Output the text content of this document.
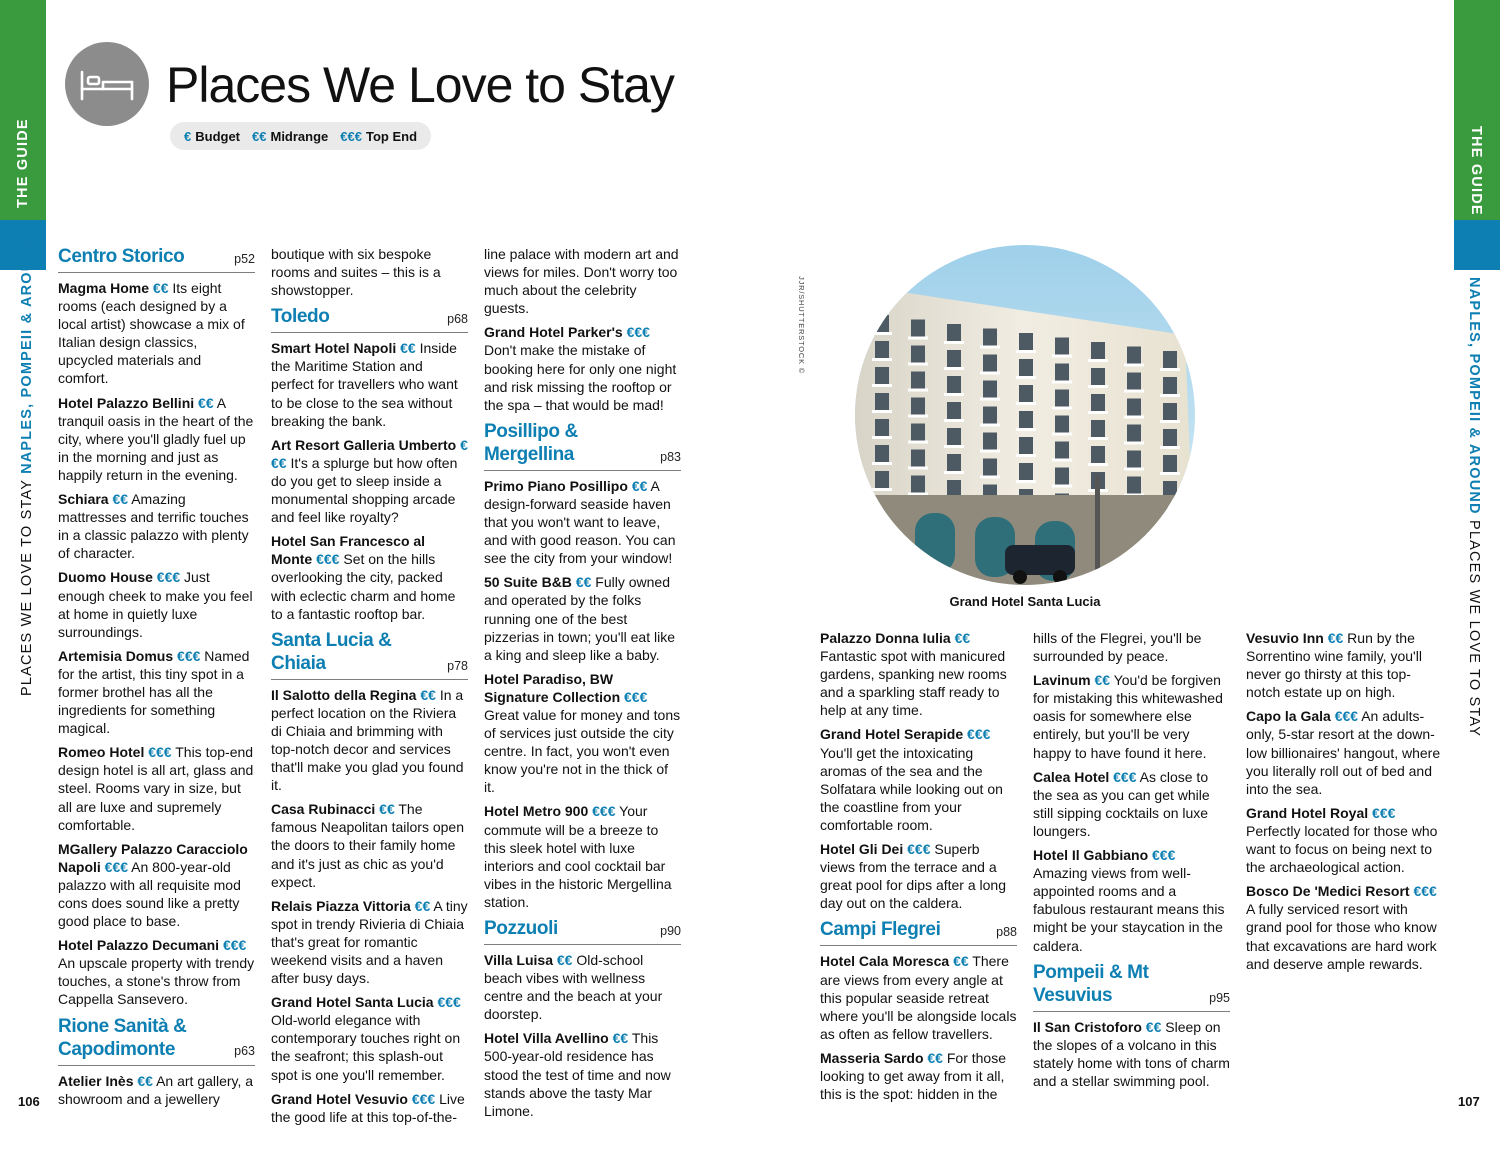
THE GUIDE
PLACES WE LOVE TO STAY NAPLES, POMPEII & AROUND
THE GUIDE
NAPLES, POMPEII & AROUND PLACES WE LOVE TO STAY
Places We Love to Stay
€ Budget €€ Midrange €€€ Top End
Centro Storico	p52

Magma Home €€ Its eight rooms (each designed by a local artist) showcase a mix of Italian design classics, upcycled materials and comfort.

Hotel Palazzo Bellini €€ A tranquil oasis in the heart of the city, where you'll gladly fuel up in the morning and just as happily return in the evening.

Schiara €€ Amazing mattresses and terrific touches in a classic palazzo with plenty of character.

Duomo House €€€ Just enough cheek to make you feel at home in quietly luxe surroundings.

Artemisia Domus €€€ Named for the artist, this tiny spot in a former brothel has all the ingredients for something magical.

Romeo Hotel €€€ This top-end design hotel is all art, glass and steel. Rooms vary in size, but all are luxe and supremely comfortable.

MGallery Palazzo Caracciolo Napoli €€€ An 800-year-old palazzo with all requisite mod cons does sound like a pretty good place to base.

Hotel Palazzo Decumani €€€ An upscale property with trendy touches, a stone's throw from Cappella Sansevero.

Rione Sanità & Capodimonte	p63

Atelier Inès €€ An art gallery, a showroom and a jewellery

boutique with six bespoke rooms and suites – this is a showstopper.

Toledo	p68

Smart Hotel Napoli €€ Inside the Maritime Station and perfect for travellers who want to be close to the sea without breaking the bank.

Art Resort Galleria Umberto €€€ It's a splurge but how often do you get to sleep inside a monumental shopping arcade and feel like royalty?

Hotel San Francesco al Monte €€€ Set on the hills overlooking the city, packed with eclectic charm and home to a fantastic rooftop bar.

Santa Lucia & Chiaia	p78

Il Salotto della Regina €€ In a perfect location on the Riviera di Chiaia and brimming with top-notch decor and services that'll make you glad you found it.

Casa Rubinacci €€ The famous Neapolitan tailors open the doors to their family home and it's just as chic as you'd expect.

Relais Piazza Vittoria €€ A tiny spot in trendy Rivieria di Chiaia that's great for romantic weekend visits and a haven after busy days.

Grand Hotel Santa Lucia €€€ Old-world elegance with contemporary touches right on the seafront; this splash-out spot is one you'll remember.

Grand Hotel Vesuvio €€€ Live the good life at this top-of-the-

line palace with modern art and views for miles. Don't worry too much about the celebrity guests.

Grand Hotel Parker's €€€ Don't make the mistake of booking here for only one night and risk missing the rooftop or the spa – that would be mad!

Posillipo & Mergellina	p83

Primo Piano Posillipo €€ A design-forward seaside haven that you won't want to leave, and with good reason. You can see the city from your window!

50 Suite B&B €€ Fully owned and operated by the folks running one of the best pizzerias in town; you'll eat like a king and sleep like a baby.

Hotel Paradiso, BW Signature Collection €€€ Great value for money and tons of services just outside the city centre. In fact, you won't even know you're not in the thick of it.

Hotel Metro 900 €€€ Your commute will be a breeze to this sleek hotel with luxe interiors and cool cocktail bar vibes in the historic Mergellina station.

Pozzuoli	p90

Villa Luisa €€ Old-school beach vibes with wellness centre and the beach at your doorstep.

Hotel Villa Avellino €€ This 500-year-old residence has stood the test of time and now stands above the tasty Mar Limone.

Palazzo Donna Iulia €€ Fantastic spot with manicured gardens, spanking new rooms and a sparkling staff ready to help at any time.

Grand Hotel Serapide €€€ You'll get the intoxicating aromas of the sea and the Solfatara while looking out on the coastline from your comfortable room.

Hotel Gli Dei €€€ Superb views from the terrace and a great pool for dips after a long day out on the caldera.

Campi Flegrei	p88

Hotel Cala Moresca €€ There are views from every angle at this popular seaside retreat where you'll be alongside locals as often as fellow travellers.

Masseria Sardo €€ For those looking to get away from it all, this is the spot: hidden in the

hills of the Flegrei, you'll be surrounded by peace.

Lavinum €€ You'd be forgiven for mistaking this whitewashed oasis for somewhere else entirely, but you'll be very happy to have found it here.

Calea Hotel €€€ As close to the sea as you can get while still sipping cocktails on luxe loungers.

Hotel Il Gabbiano €€€ Amazing views from well-appointed rooms and a fabulous restaurant means this might be your staycation in the caldera.

Pompeii & Mt Vesuvius	p95

Il San Cristoforo €€ Sleep on the slopes of a volcano in this stately home with tons of charm and a stellar swimming pool.

Vesuvio Inn €€ Run by the Sorrentino wine family, you'll never go thirsty at this top-notch estate up on high.

Capo la Gala €€€ An adults-only, 5-star resort at the down-low billionaires' hangout, where you literally roll out of bed and into the sea.

Grand Hotel Royal €€€ Perfectly located for those who want to focus on being next to the archaeological action.

Bosco De 'Medici Resort €€€ A fully serviced resort with grand pool for those who know that excavations are hard work and deserve ample rewards.

JJR/SHUTTERSTOCK ©
Grand Hotel Santa Lucia
106	107
